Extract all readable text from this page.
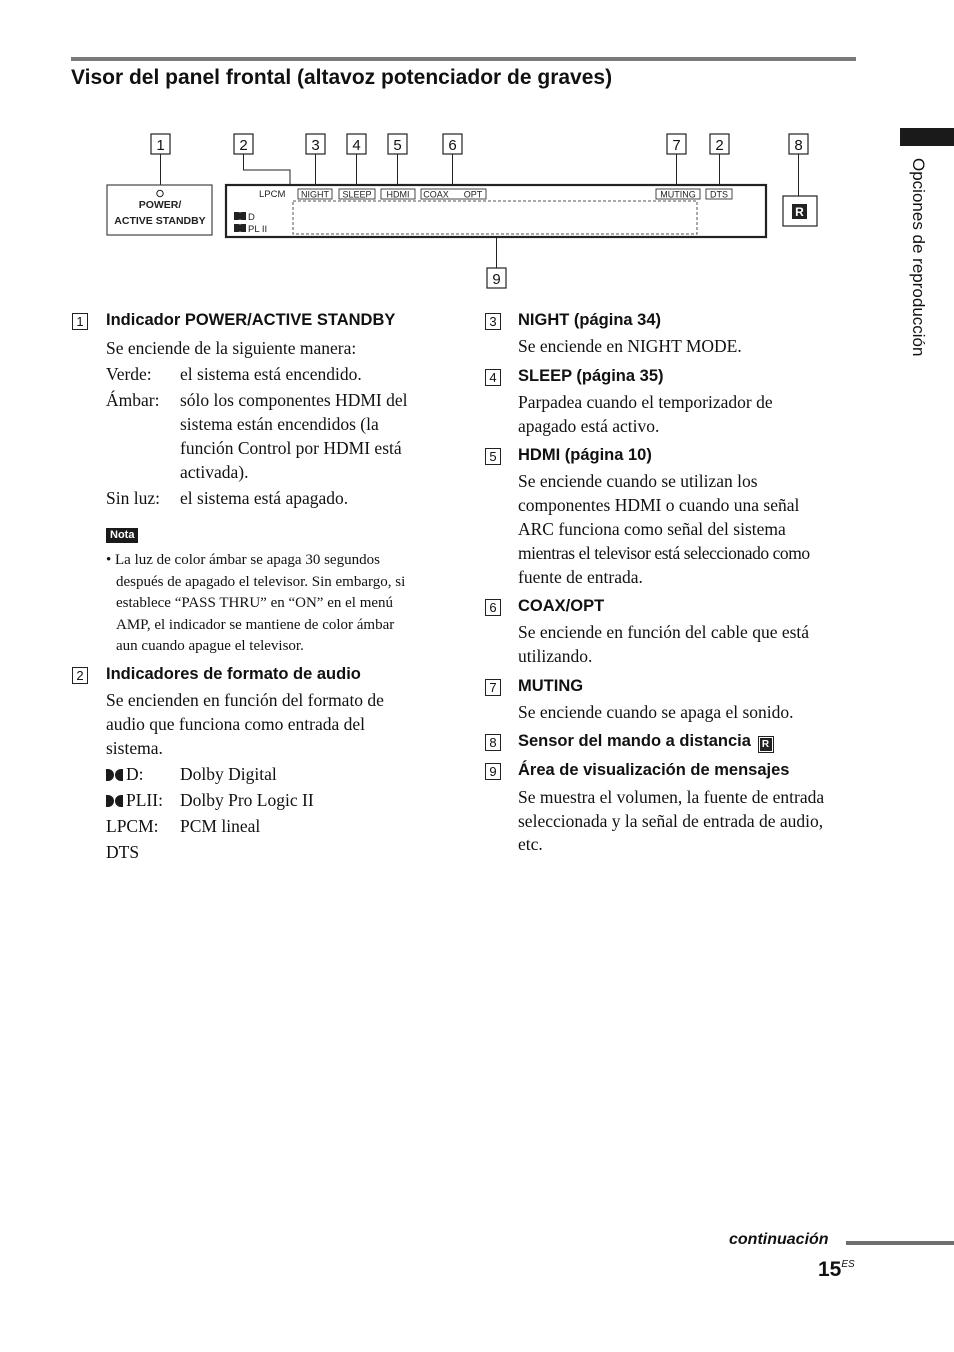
Visor del panel frontal (altavoz potenciador de graves)
Opciones de reproducción
1	2	3 4 5	6	7 2	8
9
POWER/
ACTIVE STANDBY
LPCM NIGHT SLEEP HDMI COAX OPT	MUTING DTS
D
PL II
R
1 Indicador POWER/ACTIVE STANDBY
Se enciende de la siguiente manera:
Verde: el sistema está encendido.
Ámbar: sólo los componentes HDMI del
sistema están encendidos (la
función Control por HDMI está
activada).
Sin luz: el sistema está apagado.
Nota
• La luz de color ámbar se apaga 30 segundos
después de apagado el televisor. Sin embargo, si
establece “PASS THRU” en “ON” en el menú
AMP, el indicador se mantiene de color ámbar
aun cuando apague el televisor.
2 Indicadores de formato de audio
Se encienden en función del formato de
audio que funciona como entrada del
sistema.
D: Dolby Digital
PLII: Dolby Pro Logic II
LPCM: PCM lineal
DTS
3 NIGHT (página 34)
Se enciende en NIGHT MODE.
4 SLEEP (página 35)
Parpadea cuando el temporizador de
apagado está activo.
5 HDMI (página 10)
Se enciende cuando se utilizan los
componentes HDMI o cuando una señal
ARC funciona como señal del sistema
mientras el televisor está seleccionado como
fuente de entrada.
6 COAX/OPT
Se enciende en función del cable que está
utilizando.
7 MUTING
Se enciende cuando se apaga el sonido.
8 Sensor del mando a distancia R
9 Área de visualización de mensajes
Se muestra el volumen, la fuente de entrada
seleccionada y la señal de entrada de audio,
etc.
continuación
$15^{ES}$
